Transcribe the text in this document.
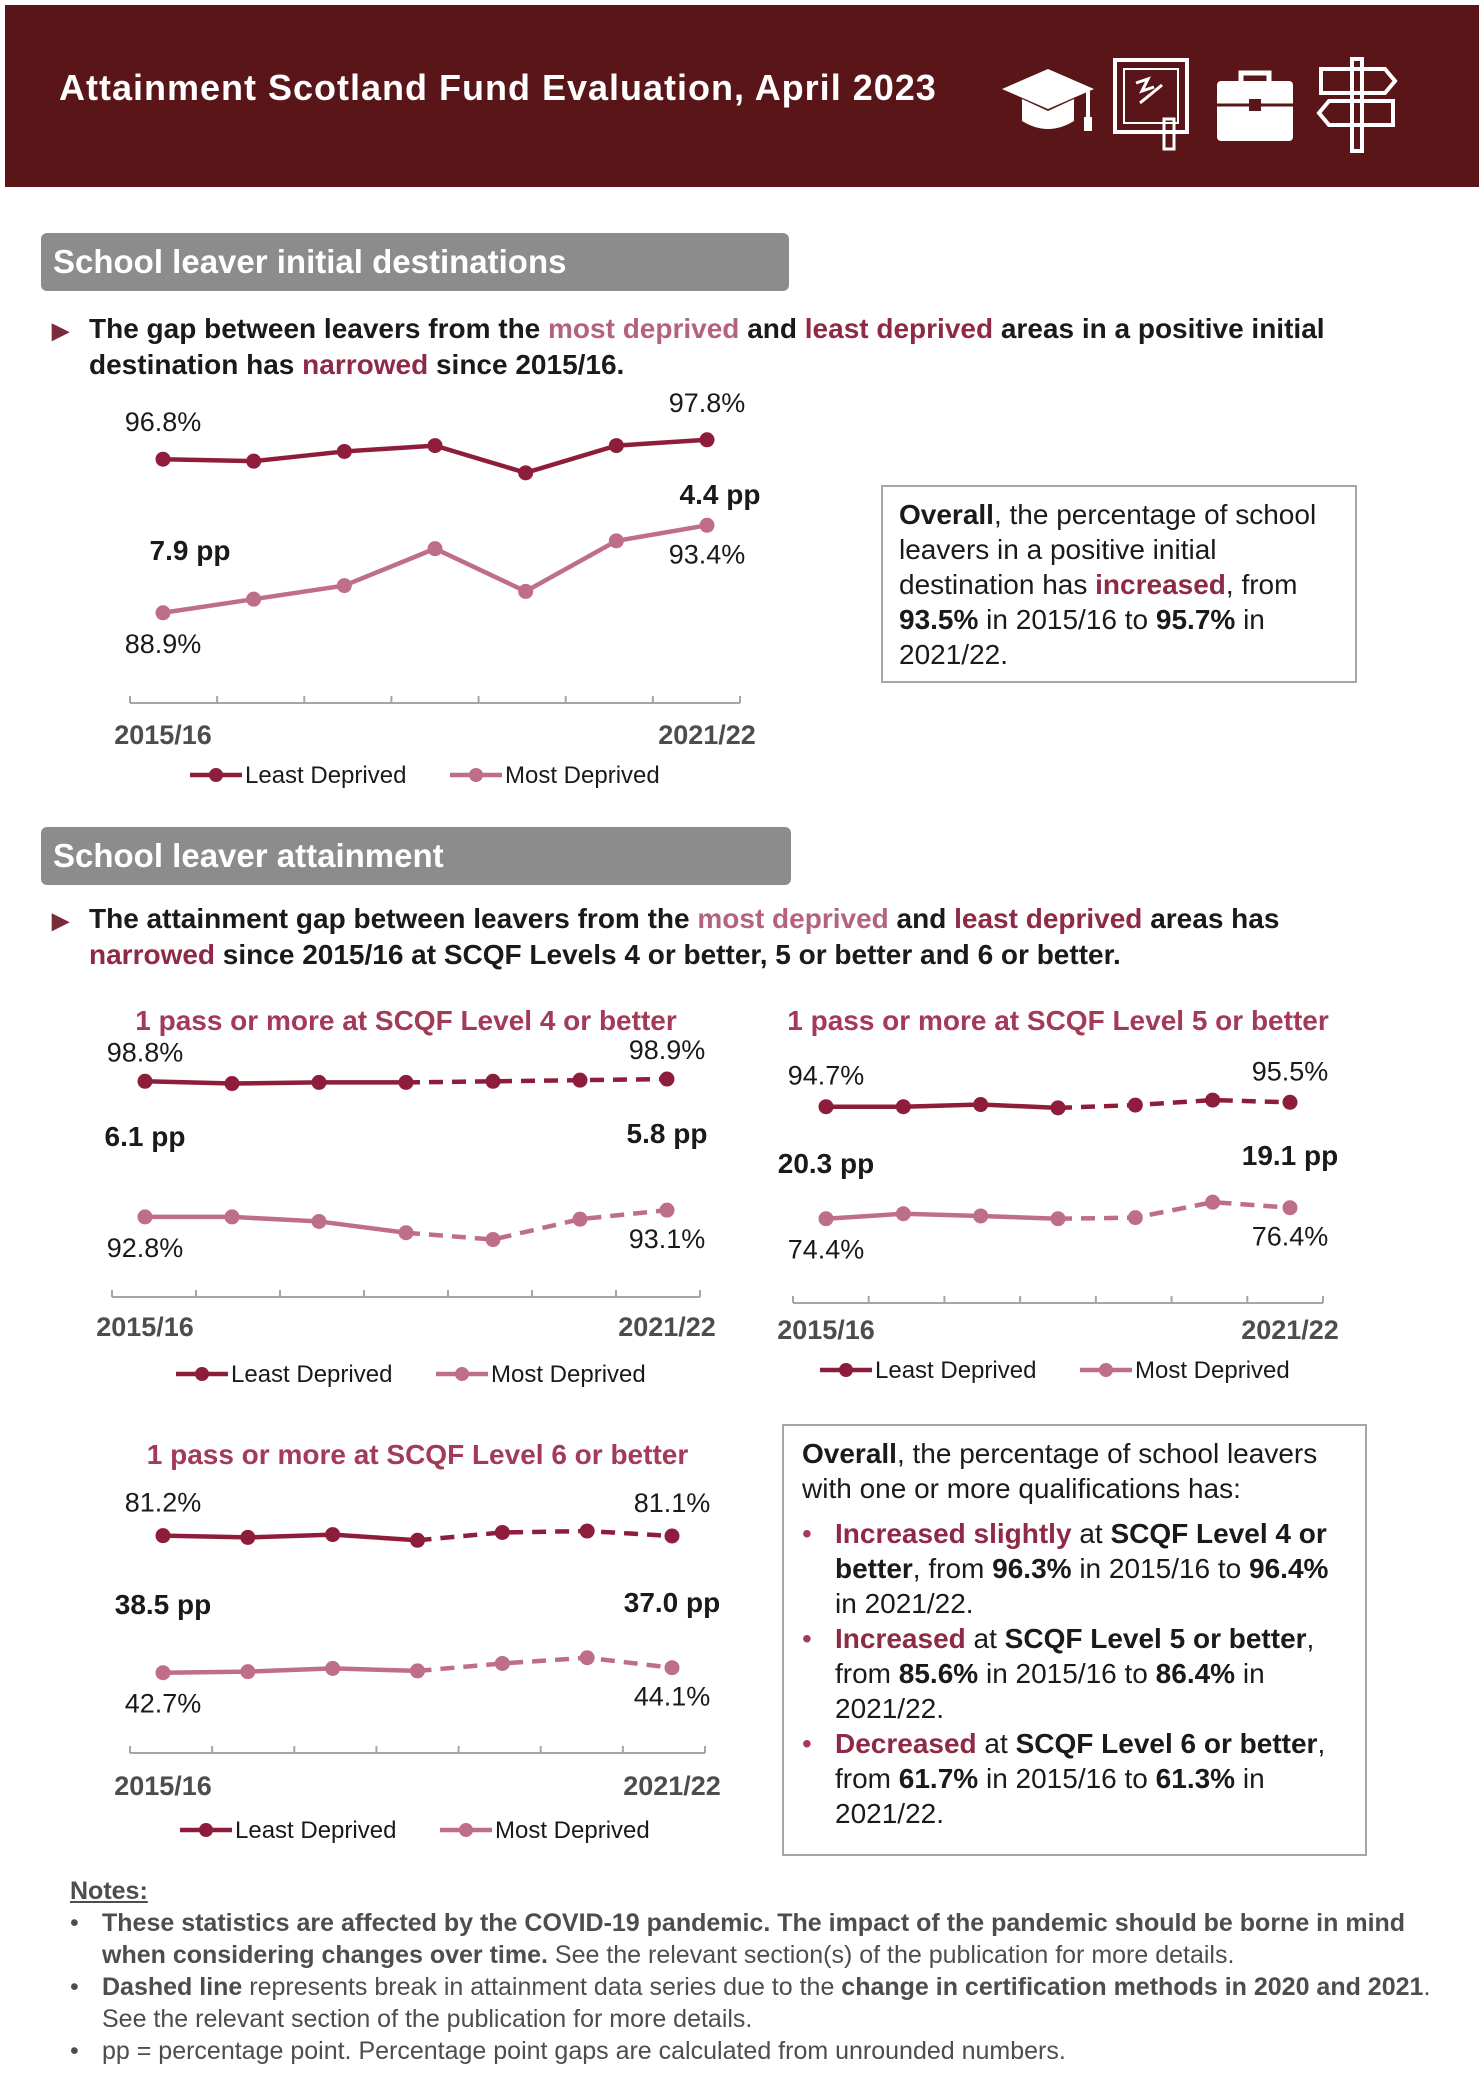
Attainment Scotland Fund Evaluation, April 2023
School leaver initial destinations
▶ The gap between leavers from the most deprived and least deprived areas in a positive initial destination has narrowed since 2015/16.
2015/16	2021/22
96.8%
97.8%
88.9%
93.4%
7.9 pp
4.4 pp
Least Deprived	Most Deprived
Overall, the percentage of school leavers in a positive initial destination has increased, from 93.5% in 2015/16 to 95.7% in 2021/22.
School leaver attainment
▶ The attainment gap between leavers from the most deprived and least deprived areas has narrowed since 2015/16 at SCQF Levels 4 or better, 5 or better and 6 or better.
1 pass or more at SCQF Level 4 or better
2015/16	2021/22
98.8%	98.9%
92.8%	93.1%
6.1 pp	5.8 pp
Least Deprived	Most Deprived
1 pass or more at SCQF Level 5 or better
2015/16	2021/22
94.7%	95.5%
74.4%	76.4%
20.3 pp	19.1 pp
Least Deprived	Most Deprived
1 pass or more at SCQF Level 6 or better
2015/16	2021/22
81.2%	81.1%
42.7%	44.1%
38.5 pp	37.0 pp
Least Deprived	Most Deprived
Overall, the percentage of school leavers with one or more qualifications has:
• Increased slightly at SCQF Level 4 or better, from 96.3% in 2015/16 to 96.4% in 2021/22.
• Increased at SCQF Level 5 or better, from 85.6% in 2015/16 to 86.4% in 2021/22.
• Decreased at SCQF Level 6 or better, from 61.7% in 2015/16 to 61.3% in 2021/22.
Notes:
• These statistics are affected by the COVID-19 pandemic. The impact of the pandemic should be borne in mind when considering changes over time. See the relevant section(s) of the publication for more details.
• Dashed line represents break in attainment data series due to the change in certification methods in 2020 and 2021. See the relevant section of the publication for more details.
• pp = percentage point. Percentage point gaps are calculated from unrounded numbers.
